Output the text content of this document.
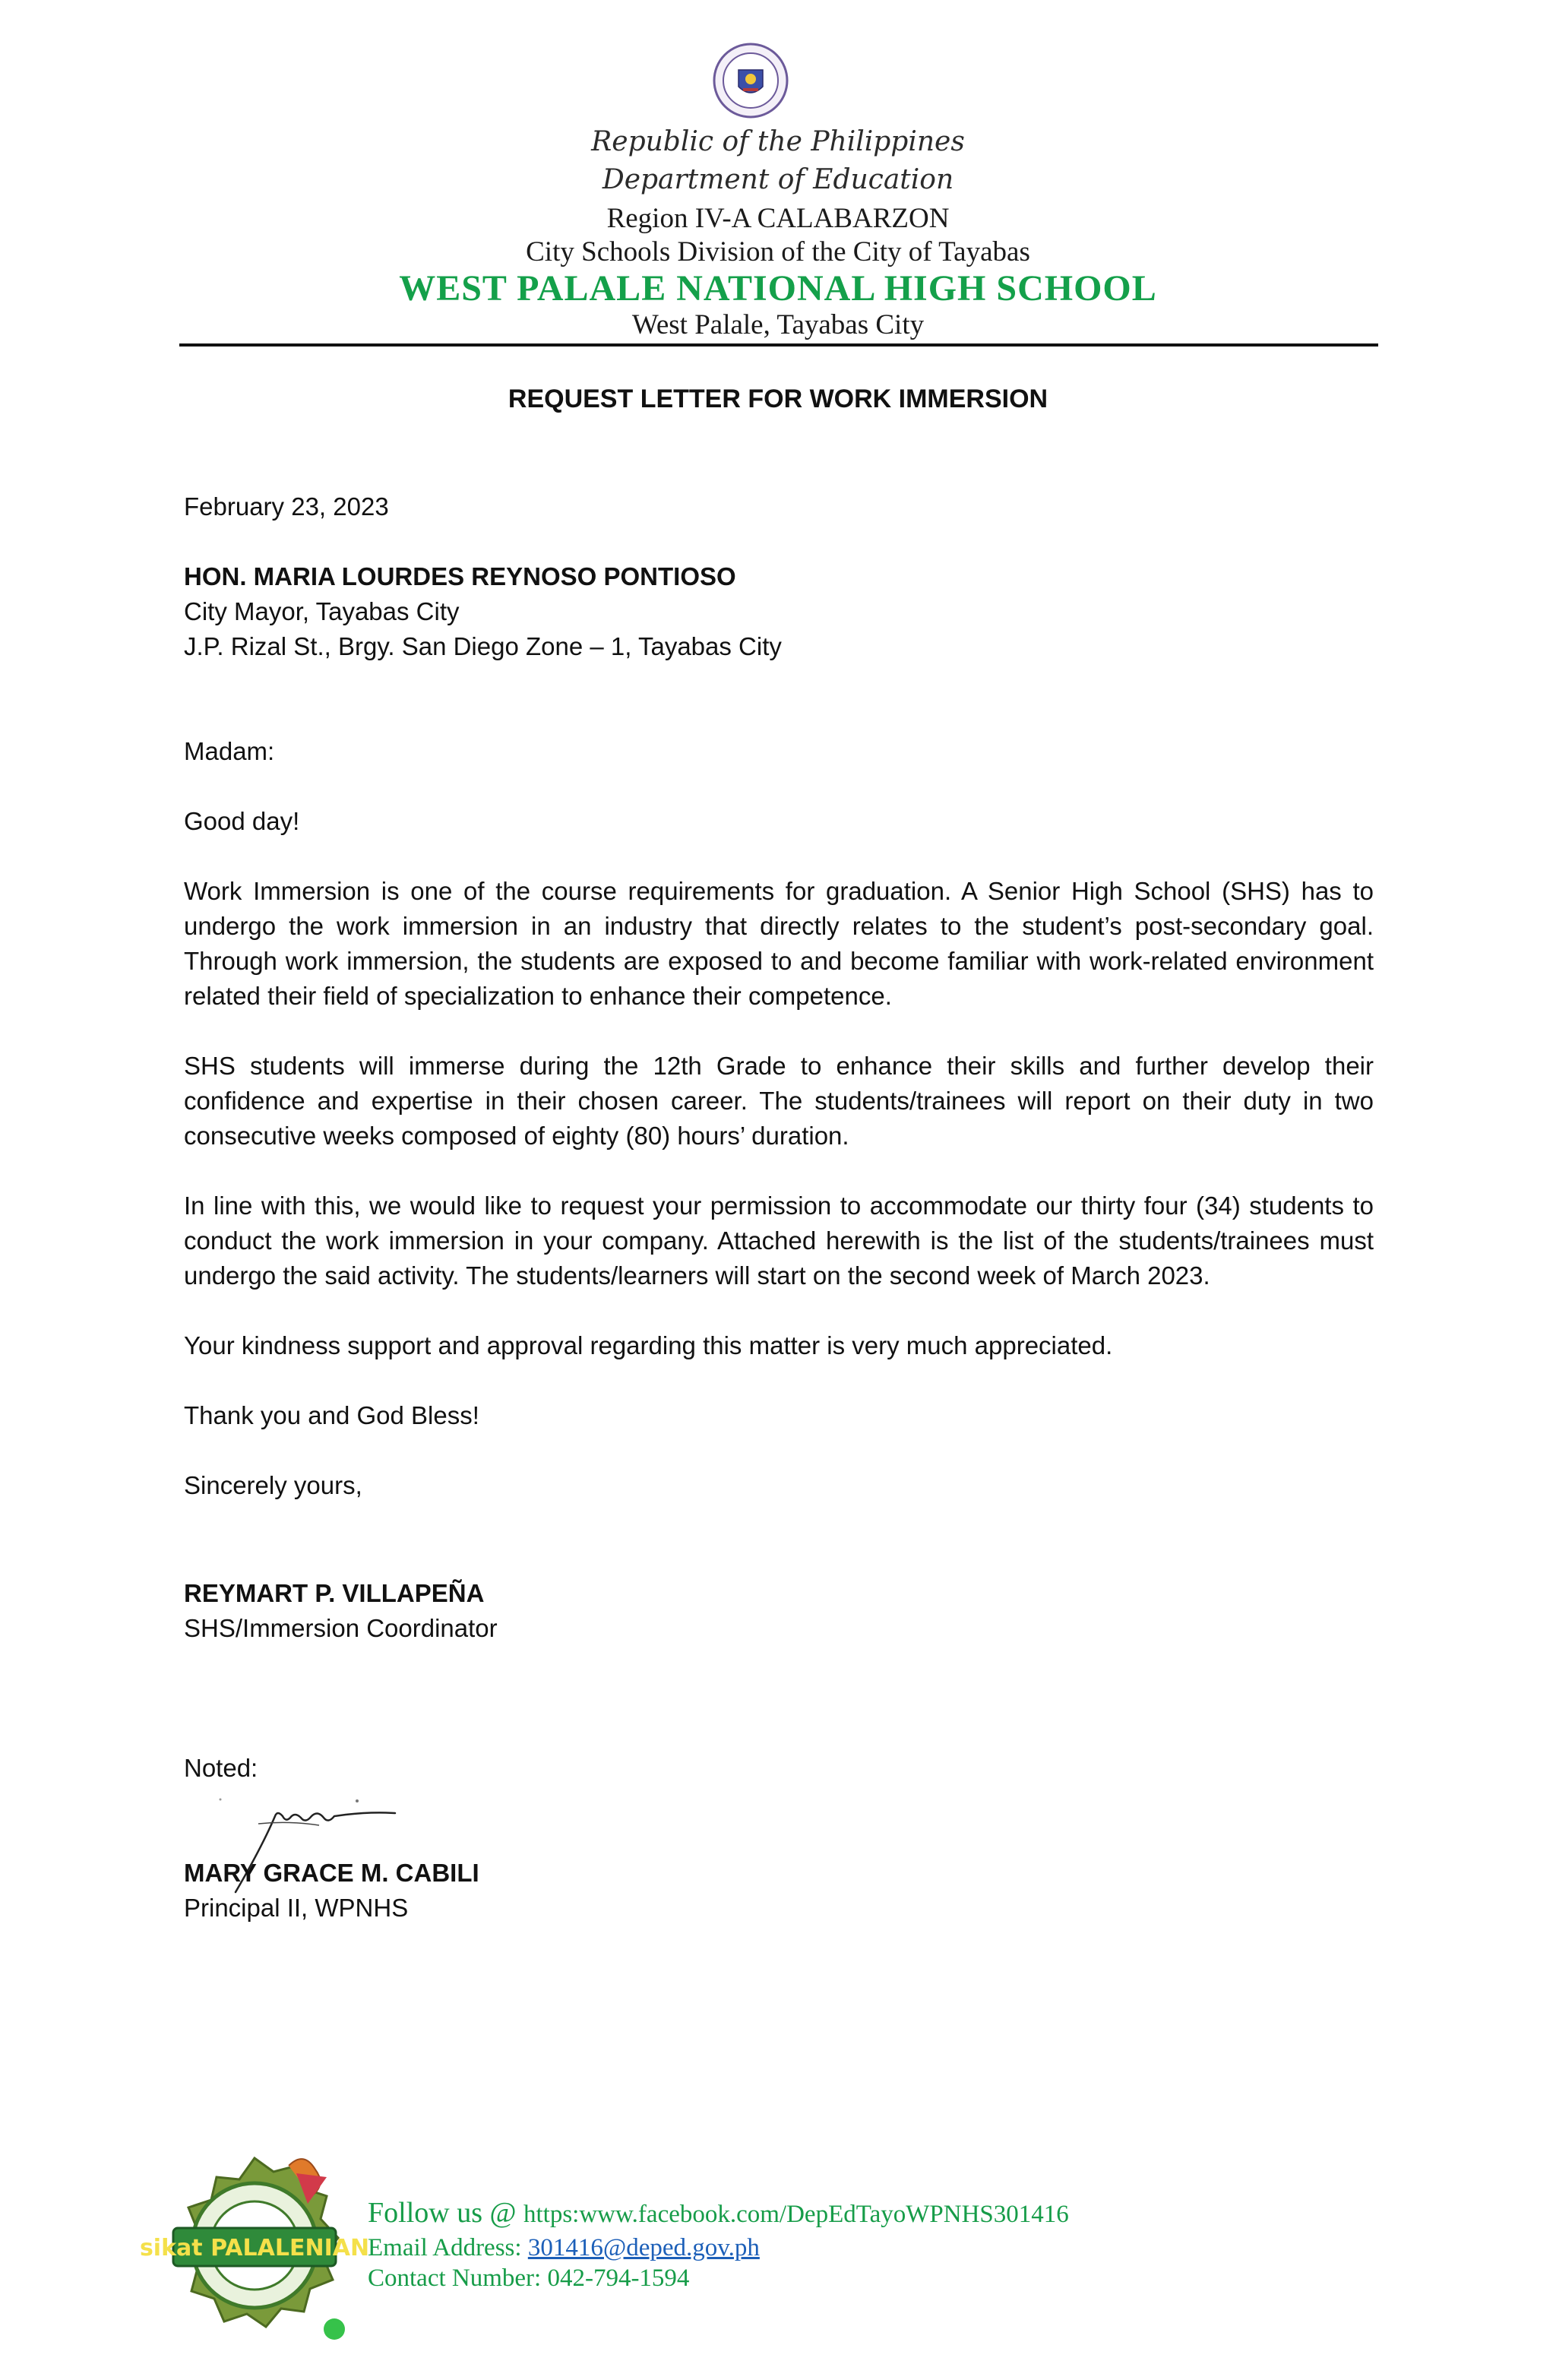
Republic of the Philippines
Department of Education
Region IV-A CALABARZON
City Schools Division of the City of Tayabas
WEST PALALE NATIONAL HIGH SCHOOL
West Palale, Tayabas City
REQUEST LETTER FOR WORK IMMERSION
February 23, 2023
HON. MARIA LOURDES REYNOSO PONTIOSO
City Mayor, Tayabas City
J.P. Rizal St., Brgy. San Diego Zone – 1, Tayabas City
Madam:
Good day!
Work Immersion is one of the course requirements for graduation. A Senior High School (SHS) has to undergo the work immersion in an industry that directly relates to the student’s post-secondary goal. Through work immersion, the students are exposed to and become familiar with work-related environment related their field of specialization to enhance their competence.
SHS students will immerse during the 12th Grade to enhance their skills and further develop their confidence and expertise in their chosen career. The students/trainees will report on their duty in two consecutive weeks composed of eighty (80) hours’ duration.
In line with this, we would like to request your permission to accommodate our thirty four (34) students to conduct the work immersion in your company. Attached herewith is the list of the students/trainees must undergo the said activity. The students/learners will start on the second week of March 2023.
Your kindness support and approval regarding this matter is very much appreciated.
Thank you and God Bless!
Sincerely yours,
REYMART P. VILLAPEÑA
SHS/Immersion Coordinator
Noted:
MARY GRACE M. CABILI
Principal II, WPNHS
sikat PALALENIAN
Follow us @ https:www.facebook.com/DepEdTayoWPNHS301416
Email Address: 301416@deped.gov.ph
Contact Number: 042-794-1594
